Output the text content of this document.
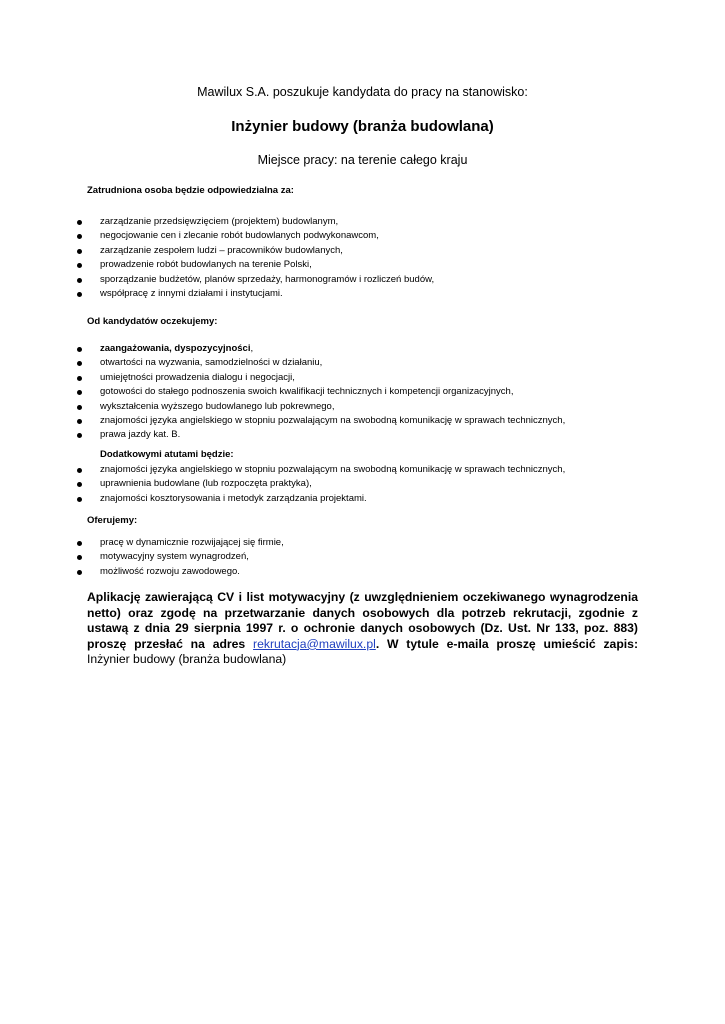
Mawilux S.A. poszukuje kandydata do pracy na stanowisko:
Inżynier budowy (branża budowlana)
Miejsce pracy: na terenie całego kraju

Zatrudniona osoba będzie odpowiedzialna za:

zarządzanie przedsięwzięciem (projektem) budowlanym,
negocjowanie cen i zlecanie robót budowlanych podwykonawcom,
zarządzanie zespołem ludzi – pracowników budowlanych,
prowadzenie robót budowlanych na terenie Polski,
sporządzanie budżetów, planów sprzedaży, harmonogramów i rozliczeń budów,
współpracę z innymi działami i instytucjami.

Od kandydatów oczekujemy:

zaangażowania, dyspozycyjności,
otwartości na wyzwania, samodzielności w działaniu,
umiejętności prowadzenia dialogu i negocjacji,
gotowości do stałego podnoszenia swoich kwalifikacji technicznych i kompetencji organizacyjnych,
wykształcenia wyższego budowlanego lub pokrewnego,
znajomości języka angielskiego w stopniu pozwalającym na swobodną komunikację w sprawach technicznych,
prawa jazdy kat. B.

Dodatkowymi atutami będzie:

znajomości języka angielskiego w stopniu pozwalającym na swobodną komunikację w sprawach technicznych,
uprawnienia budowlane (lub rozpoczęta praktyka),
znajomości kosztorysowania i metodyk zarządzania projektami.

Oferujemy:

pracę w dynamicznie rozwijającej się firmie,
motywacyjny system wynagrodzeń,
możliwość rozwoju zawodowego.
Aplikację zawierającą CV i list motywacyjny (z uwzględnieniem oczekiwanego wynagrodzenia netto) oraz zgodę na przetwarzanie danych osobowych dla potrzeb rekrutacji, zgodnie z ustawą z dnia 29 sierpnia 1997 r. o ochronie danych osobowych (Dz. Ust. Nr 133, poz. 883) proszę przesłać na adres rekrutacja@mawilux.pl. W tytule e-maila proszę umieścić zapis: Inżynier budowy (branża budowlana)
